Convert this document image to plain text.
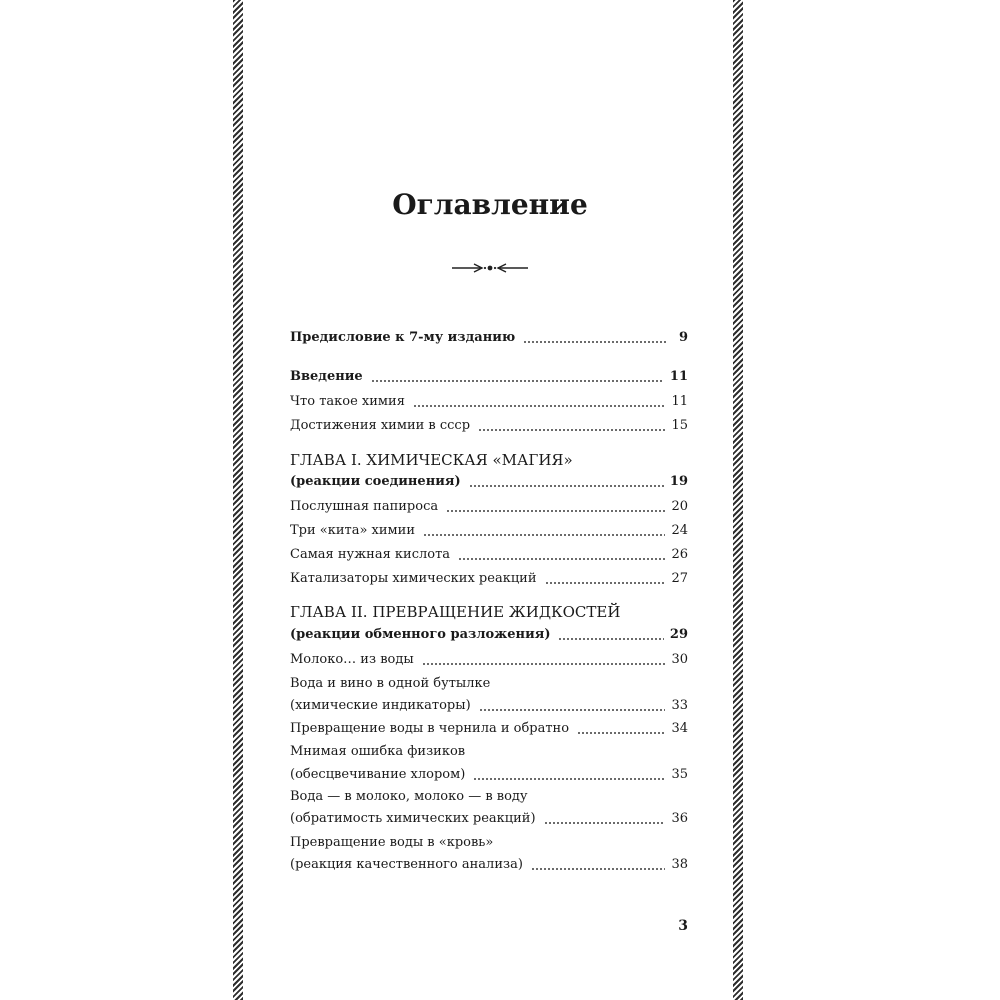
Оглавление
Предисловие к 7-му изданию	9
Введение	11
Что такое химия	11
Достижения химии в ссср	15
ГЛАВА I. ХИМИЧЕСКАЯ «МАГИЯ»
(реакции соединения)	19
Послушная папироса	20
Три «кита» химии	24
Самая нужная кислота	26
Катализаторы химических реакций	27
ГЛАВА II. ПРЕВРАЩЕНИЕ ЖИДКОСТЕЙ
(реакции обменного разложения)	29
Молоко… из воды	30
Вода и вино в одной бутылке
(химические индикаторы)	33
Превращение воды в чернила и обратно	34
Мнимая ошибка физиков
(обесцвечивание хлором)	35
Вода — в молоко, молоко — в воду
(обратимость химических реакций)	36
Превращение воды в «кровь»
(реакция качественного анализа)	38
3
